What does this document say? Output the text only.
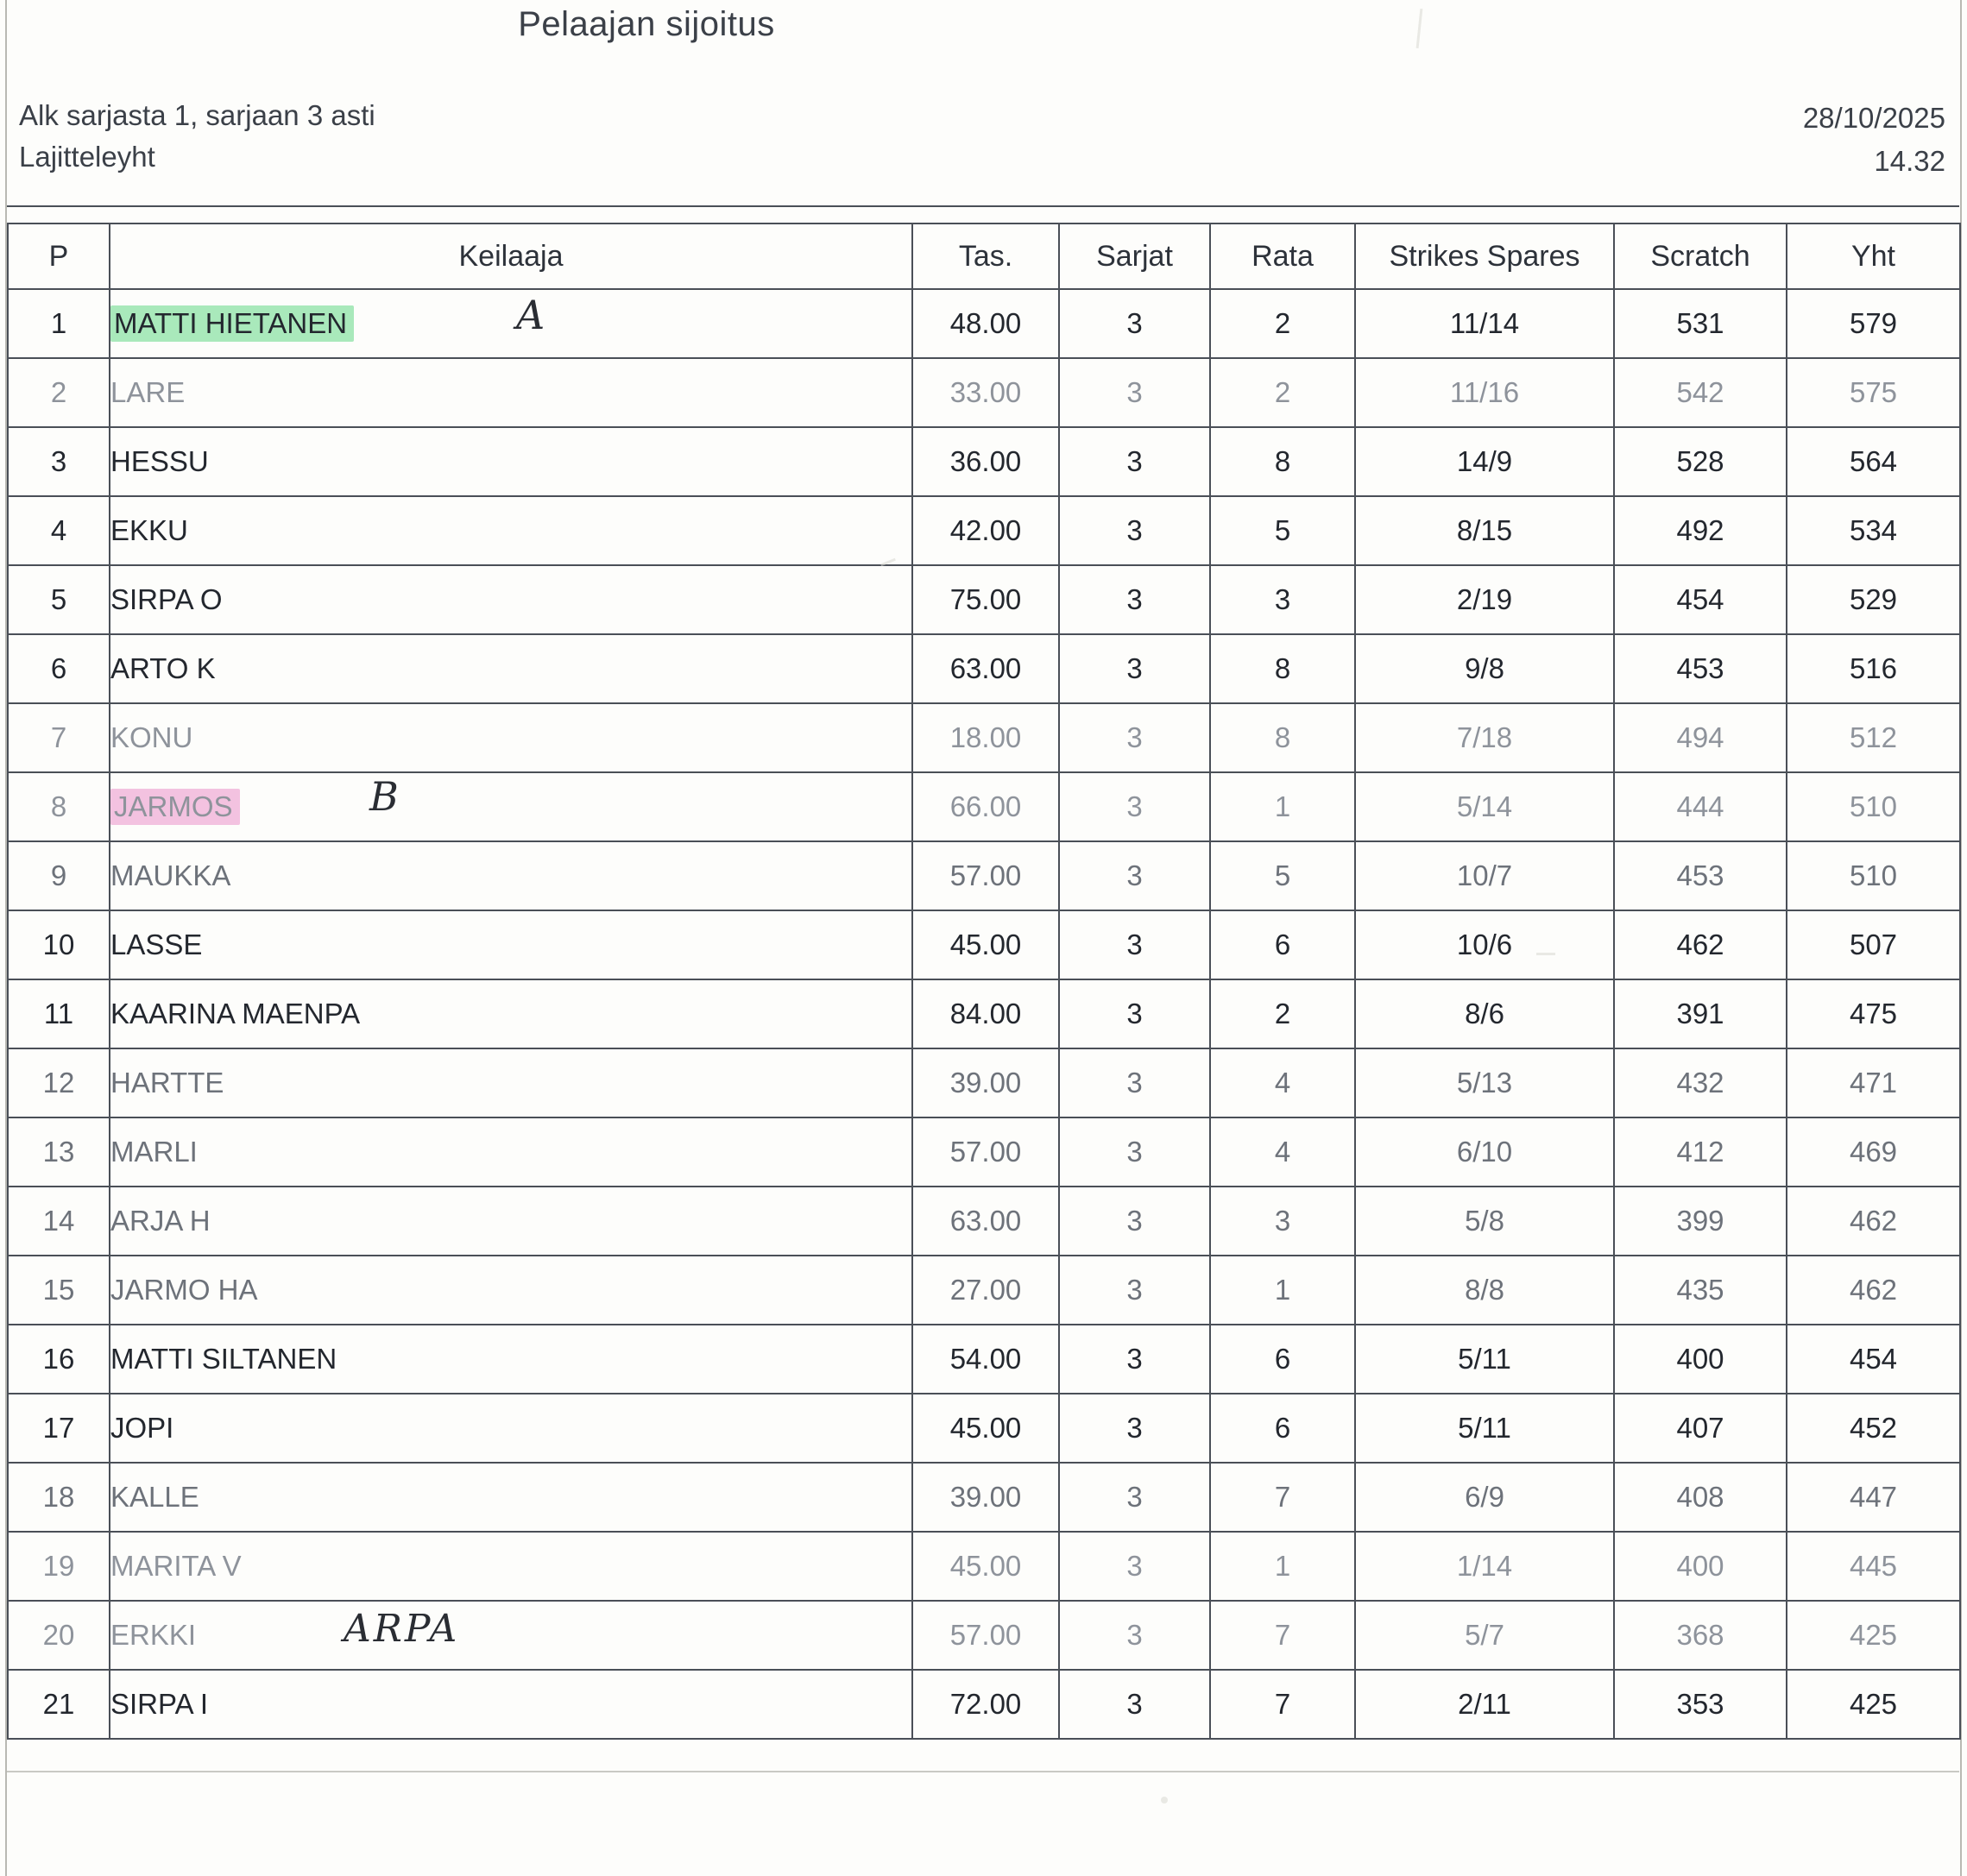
Pelaajan sijoitus
Alk sarjasta 1, sarjaan 3 asti
Lajitteleyht
28/10/2025
14.32
P	Keilaaja	Tas.	Sarjat	Rata	Strikes Spares	Scratch	Yht
1	MATTI HIETANEN A	48.00	3	2	11/14	531	579
2	LARE	33.00	3	2	11/16	542	575
3	HESSU	36.00	3	8	14/9	528	564
4	EKKU	42.00	3	5	8/15	492	534
5	SIRPA O	75.00	3	3	2/19	454	529
6	ARTO K	63.00	3	8	9/8	453	516
7	KONU	18.00	3	8	7/18	494	512
8	JARMOS B	66.00	3	1	5/14	444	510
9	MAUKKA	57.00	3	5	10/7	453	510
10	LASSE	45.00	3	6	10/6	462	507
11	KAARINA MAENPA	84.00	3	2	8/6	391	475
12	HARTTE	39.00	3	4	5/13	432	471
13	MARLI	57.00	3	4	6/10	412	469
14	ARJA H	63.00	3	3	5/8	399	462
15	JARMO HA	27.00	3	1	8/8	435	462
16	MATTI SILTANEN	54.00	3	6	5/11	400	454
17	JOPI	45.00	3	6	5/11	407	452
18	KALLE	39.00	3	7	6/9	408	447
19	MARITA V	45.00	3	1	1/14	400	445
20	ERKKI ARPA	57.00	3	7	5/7	368	425
21	SIRPA I	72.00	3	7	2/11	353	425
